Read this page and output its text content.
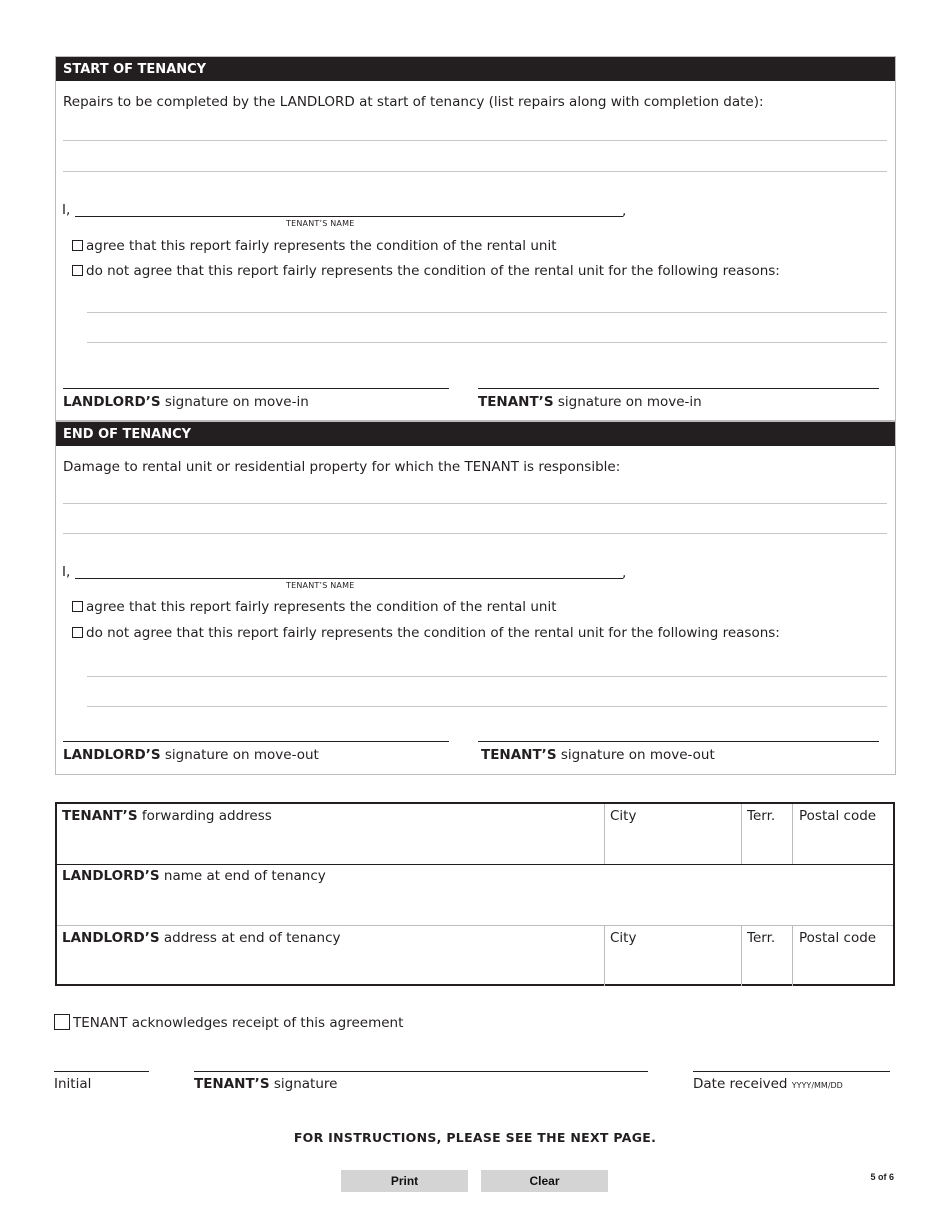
START OF TENANCY
Repairs to be completed by the LANDLORD at start of tenancy (list repairs along with completion date):
I,	,
TENANT’S NAME
agree that this report fairly represents the condition of the rental unit
do not agree that this report fairly represents the condition of the rental unit for the following reasons:
LANDLORD’S signature on move-in	TENANT’S signature on move-in
END OF TENANCY
Damage to rental unit or residential property for which the TENANT is responsible:
I,	,
TENANT’S NAME
agree that this report fairly represents the condition of the rental unit
do not agree that this report fairly represents the condition of the rental unit for the following reasons:
LANDLORD’S signature on move-out	TENANT’S signature on move-out
TENANT’S forwarding address	City	Terr. Postal code
LANDLORD’S name at end of tenancy
LANDLORD’S address at end of tenancy	City	Terr. Postal code
TENANT acknowledges receipt of this agreement
Initial	TENANT’S signature	Date received YYYY/MM/DD
FOR INSTRUCTIONS, PLEASE SEE THE NEXT PAGE.
Print	Clear	5 of 6
